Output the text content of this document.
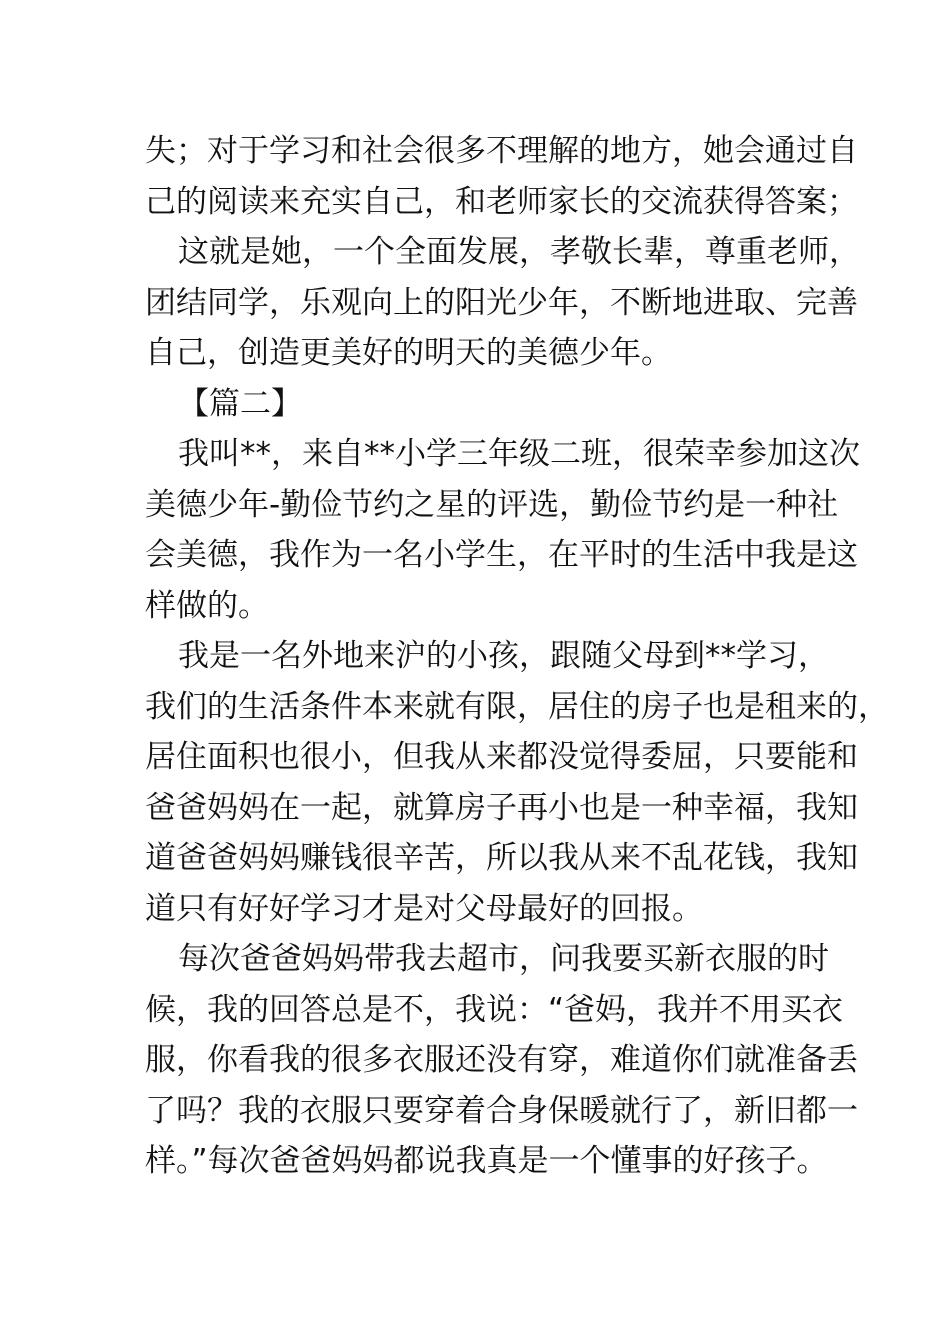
失；对于学习和社会很多不理解的地方，她会通过自
己的阅读来充实自己，和老师家长的交流获得答案；
这就是她，一个全面发展，孝敬长辈，尊重老师，
团结同学，乐观向上的阳光少年，不断地进取、完善
自己，创造更美好的明天的美德少年。
【篇二】
我叫**，来自**小学三年级二班，很荣幸参加这次
美德少年-勤俭节约之星的评选，勤俭节约是一种社
会美德，我作为一名小学生，在平时的生活中我是这
样做的。
我是一名外地来沪的小孩，跟随父母到**学习，
我们的生活条件本来就有限，居住的房子也是租来的，
居住面积也很小，但我从来都没觉得委屈，只要能和
爸爸妈妈在一起，就算房子再小也是一种幸福，我知
道爸爸妈妈赚钱很辛苦，所以我从来不乱花钱，我知
道只有好好学习才是对父母最好的回报。
每次爸爸妈妈带我去超市，问我要买新衣服的时
候，我的回答总是不，我说：“爸妈，我并不用买衣
服，你看我的很多衣服还没有穿，难道你们就准备丢
了吗？我的衣服只要穿着合身保暖就行了，新旧都一
样。”每次爸爸妈妈都说我真是一个懂事的好孩子。
